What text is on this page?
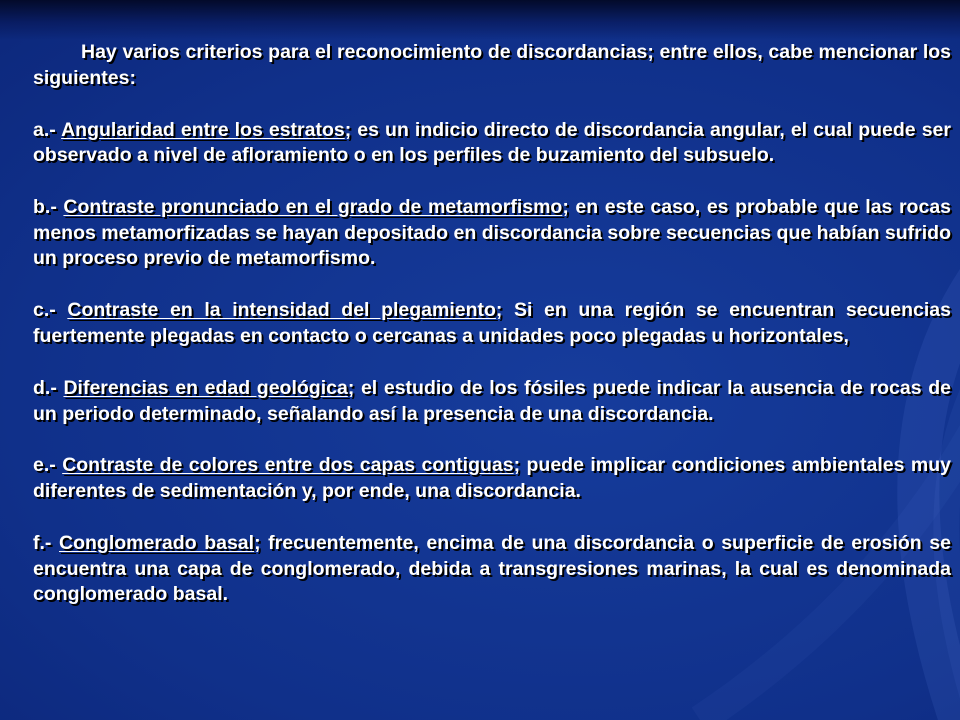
Hay varios criterios para el reconocimiento de discordancias; entre ellos, cabe mencionar los siguientes:

a.- Angularidad entre los estratos; es un indicio directo de discordancia angular, el cual puede ser observado a nivel de afloramiento o en los perfiles de buzamiento del subsuelo.

b.- Contraste pronunciado en el grado de metamorfismo; en este caso, es probable que las rocas menos metamorfizadas se hayan depositado en discordancia sobre secuencias que habían sufrido un proceso previo de metamorfismo.

c.- Contraste en la intensidad del plegamiento; Si en una región se encuentran secuencias fuertemente plegadas en contacto o cercanas a unidades poco plegadas u horizontales,

d.- Diferencias en edad geológica; el estudio de los fósiles puede indicar la ausencia de rocas de un periodo determinado, señalando así la presencia de una discordancia.

e.- Contraste de colores entre dos capas contiguas; puede implicar condiciones ambientales muy diferentes de sedimentación y, por ende, una discordancia.

f.- Conglomerado basal; frecuentemente, encima de una discordancia o superficie de erosión se encuentra una capa de conglomerado, debida a transgresiones marinas, la cual es denominada conglomerado basal.
